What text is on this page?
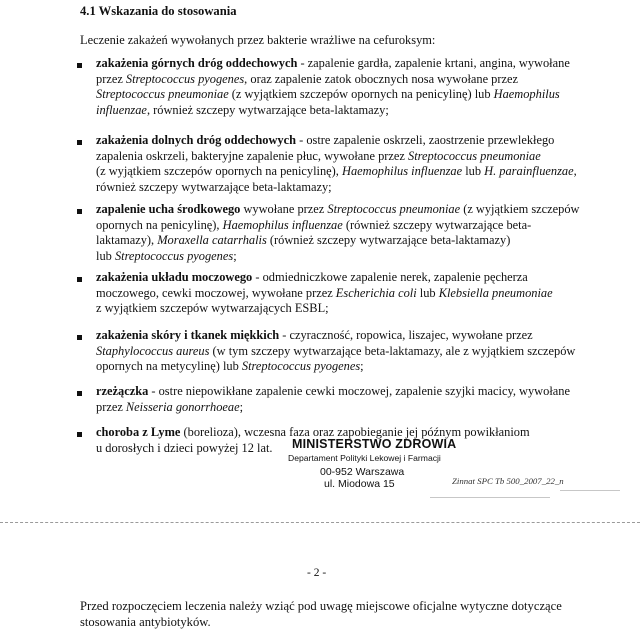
4.1 Wskazania do stosowania
Leczenie zakażeń wywołanych przez bakterie wrażliwe na cefuroksym:

zakażenia górnych dróg oddechowych - zapalenie gardła, zapalenie krtani, angina, wywołane
przez Streptococcus pyogenes, oraz zapalenie zatok obocznych nosa wywołane przez
Streptococcus pneumoniae (z wyjątkiem szczepów opornych na penicylinę) lub Haemophilus
influenzae, również szczepy wytwarzające beta-laktamazy;

zakażenia dolnych dróg oddechowych - ostre zapalenie oskrzeli, zaostrzenie przewlekłego
zapalenia oskrzeli, bakteryjne zapalenie płuc, wywołane przez Streptococcus pneumoniae
(z wyjątkiem szczepów opornych na penicylinę), Haemophilus influenzae lub H. parainfluenzae,
również szczepy wytwarzające beta-laktamazy;

zapalenie ucha środkowego wywołane przez Streptococcus pneumoniae (z wyjątkiem szczepów
opornych na penicylinę), Haemophilus influenzae (również szczepy wytwarzające beta-
laktamazy), Moraxella catarrhalis (również szczepy wytwarzające beta-laktamazy)
lub Streptococcus pyogenes;

zakażenia układu moczowego - odmiedniczkowe zapalenie nerek, zapalenie pęcherza
moczowego, cewki moczowej, wywołane przez Escherichia coli lub Klebsiella pneumoniae
z wyjątkiem szczepów wytwarzających ESBL;

zakażenia skóry i tkanek miękkich - czyraczność, ropowica, liszajec, wywołane przez
Staphylococcus aureus (w tym szczepy wytwarzające beta-laktamazy, ale z wyjątkiem szczepów
opornych na metycylinę) lub Streptococcus pyogenes;

rzeżączka - ostre niepowikłane zapalenie cewki moczowej, zapalenie szyjki macicy, wywołane
przez Neisseria gonorrhoeae;

choroba z Lyme (borelioza), wczesna faza oraz zapobieganie jej późnym powikłaniom
u dorosłych i dzieci powyżej 12 lat.	MINISTERSTWO ZDROWIA
Departament Polityki Lekowej i Farmacji
00-952 Warszawa
ul. Miodowa 15	Zinnat SPC Tb 500_2007_22_n
- 2 -
Przed rozpoczęciem leczenia należy wziąć pod uwagę miejscowe oficjalne wytyczne dotyczące stosowania antybiotyków.
